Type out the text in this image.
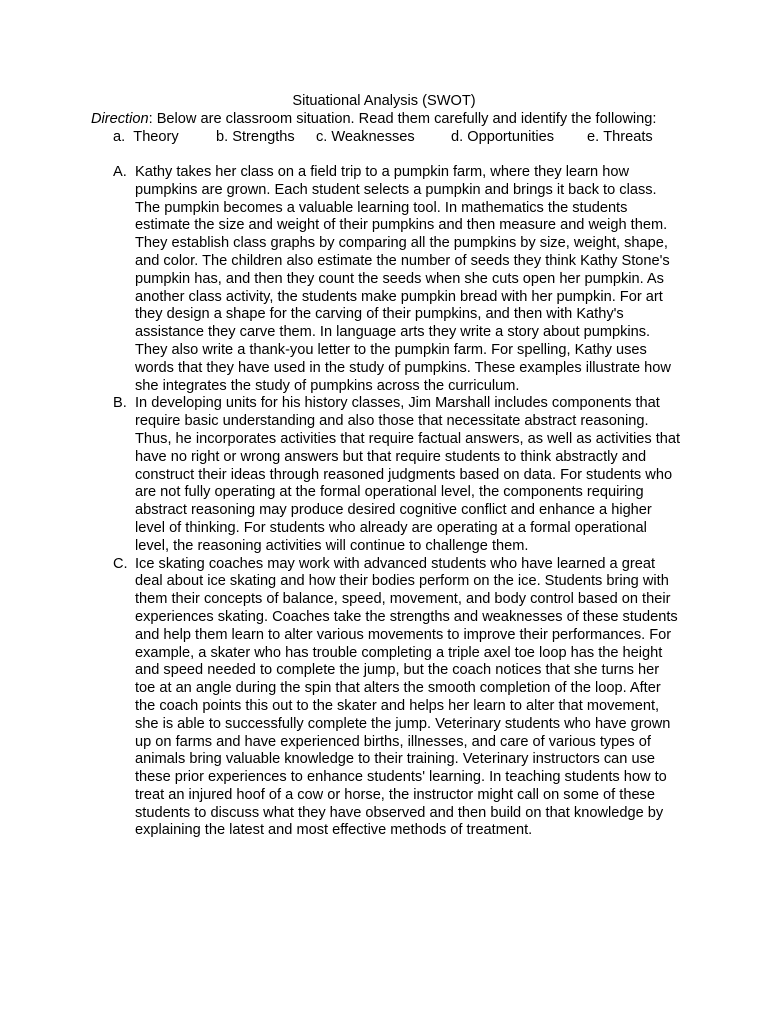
Situational Analysis (SWOT)
Direction: Below are classroom situation. Read them carefully and identify the following:
a. Theory	b. Strengths c. Weaknesses d. Opportunities e. Threats
A. Kathy takes her class on a field trip to a pumpkin farm, where they learn how pumpkins are grown. Each student selects a pumpkin and brings it back to class. The pumpkin becomes a valuable learning tool. In mathematics the students estimate the size and weight of their pumpkins and then measure and weigh them. They establish class graphs by comparing all the pumpkins by size, weight, shape, and color. The children also estimate the number of seeds they think Kathy Stone's pumpkin has, and then they count the seeds when she cuts open her pumpkin. As another class activity, the students make pumpkin bread with her pumpkin. For art they design a shape for the carving of their pumpkins, and then with Kathy's assistance they carve them. In language arts they write a story about pumpkins. They also write a thank-you letter to the pumpkin farm. For spelling, Kathy uses words that they have used in the study of pumpkins. These examples illustrate how she integrates the study of pumpkins across the curriculum.
B. In developing units for his history classes, Jim Marshall includes components that require basic understanding and also those that necessitate abstract reasoning. Thus, he incorporates activities that require factual answers, as well as activities that have no right or wrong answers but that require students to think abstractly and construct their ideas through reasoned judgments based on data. For students who are not fully operating at the formal operational level, the components requiring abstract reasoning may produce desired cognitive conflict and enhance a higher level of thinking. For students who already are operating at a formal operational level, the reasoning activities will continue to challenge them.
C. Ice skating coaches may work with advanced students who have learned a great deal about ice skating and how their bodies perform on the ice. Students bring with them their concepts of balance, speed, movement, and body control based on their experiences skating. Coaches take the strengths and weaknesses of these students and help them learn to alter various movements to improve their performances. For example, a skater who has trouble completing a triple axel toe loop has the height and speed needed to complete the jump, but the coach notices that she turns her toe at an angle during the spin that alters the smooth completion of the loop. After the coach points this out to the skater and helps her learn to alter that movement, she is able to successfully complete the jump. Veterinary students who have grown up on farms and have experienced births, illnesses, and care of various types of animals bring valuable knowledge to their training. Veterinary instructors can use these prior experiences to enhance students' learning. In teaching students how to treat an injured hoof of a cow or horse, the instructor might call on some of these students to discuss what they have observed and then build on that knowledge by explaining the latest and most effective methods of treatment.
